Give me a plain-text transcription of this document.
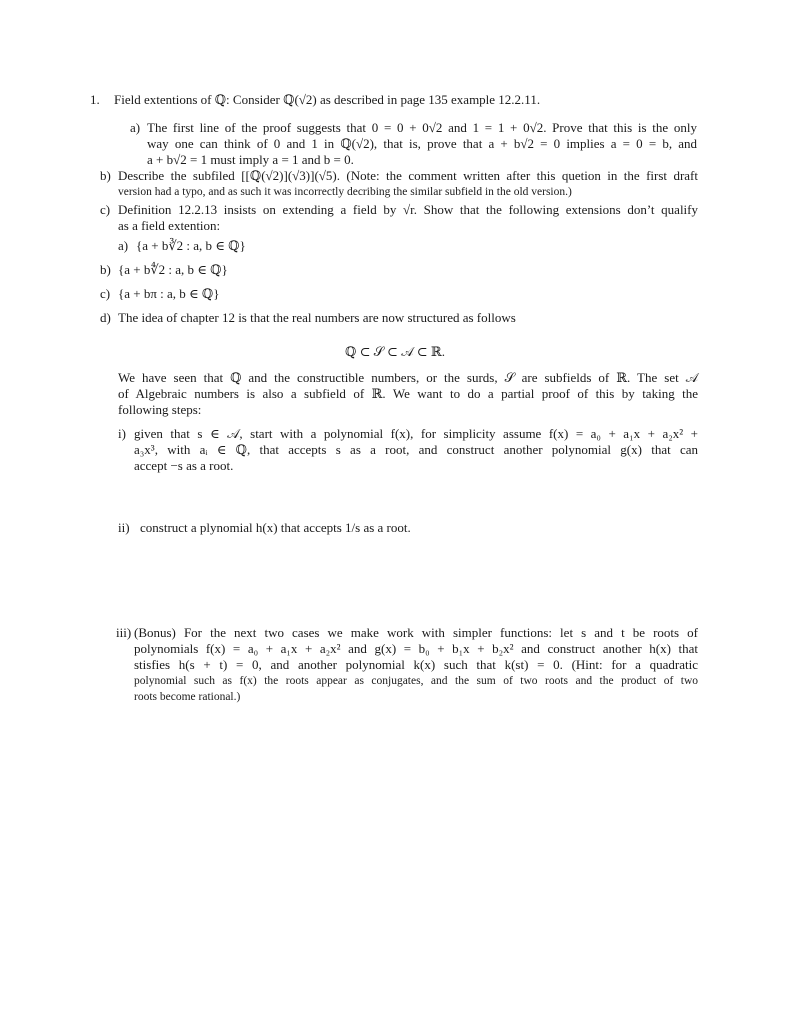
1. Field extentions of ℚ: Consider ℚ(√2) as described in page 135 example 12.2.11.
a) The first line of the proof suggests that 0 = 0 + 0√2 and 1 = 1 + 0√2. Prove that this is the only
way one can think of 0 and 1 in ℚ(√2), that is, prove that a + b√2 = 0 implies a = 0 = b, and
a + b√2 = 1 must imply a = 1 and b = 0.
b) Describe the subfiled [[ℚ(√2)](√3)](√5). (Note: the comment written after this quetion in the first draft
version had a typo, and as such it was incorrectly decribing the similar subfield in the old version.)
c) Definition 12.2.13 insists on extending a field by √r. Show that the following extensions don’t qualify
as a field extention:
a) {a + b∛2 : a, b ∈ ℚ}
b) {a + b∜2 : a, b ∈ ℚ}
c) {a + bπ : a, b ∈ ℚ}
d) The idea of chapter 12 is that the real numbers are now structured as follows
ℚ ⊂ 𝒮 ⊂ 𝒜 ⊂ ℝ.
We have seen that ℚ and the constructible numbers, or the surds, 𝒮 are subfields of ℝ. The set 𝒜
of Algebraic numbers is also a subfield of ℝ. We want to do a partial proof of this by taking the
following steps:
i) given that s ∈ 𝒜, start with a polynomial f(x), for simplicity assume f(x) = a₀ + a₁x + a₂x² +
a₃x³, with aᵢ ∈ ℚ, that accepts s as a root, and construct another polynomial g(x) that can
accept −s as a root.
ii) construct a plynomial h(x) that accepts 1/s as a root.
iii) (Bonus) For the next two cases we make work with simpler functions: let s and t be roots of
polynomials f(x) = a₀ + a₁x + a₂x² and g(x) = b₀ + b₁x + b₂x² and construct another h(x) that
stisfies h(s + t) = 0, and another polynomial k(x) such that k(st) = 0. (Hint: for a quadratic
polynomial such as f(x) the roots appear as conjugates, and the sum of two roots and the product of two
roots become rational.)
